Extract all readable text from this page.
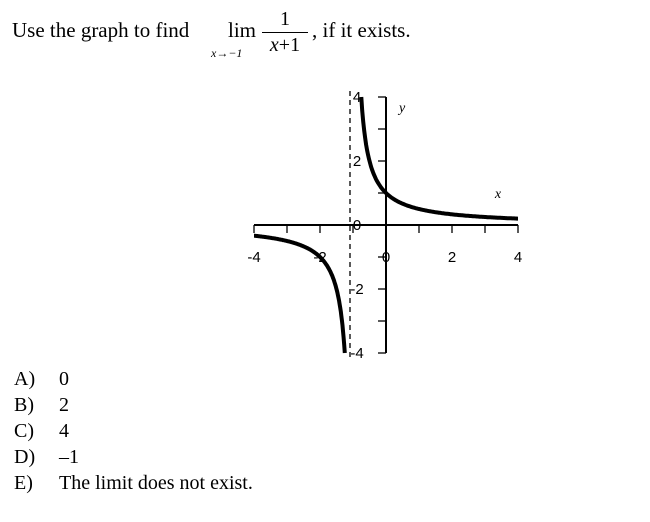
Use the graph to find lim
x→−1
1
x+1
, if it exists.
-4	-2	0	2	4
4
2
0
-2
-4
y
x
A)	0
B)	2
C)	4
D)	–1
E)	The limit does not exist.
